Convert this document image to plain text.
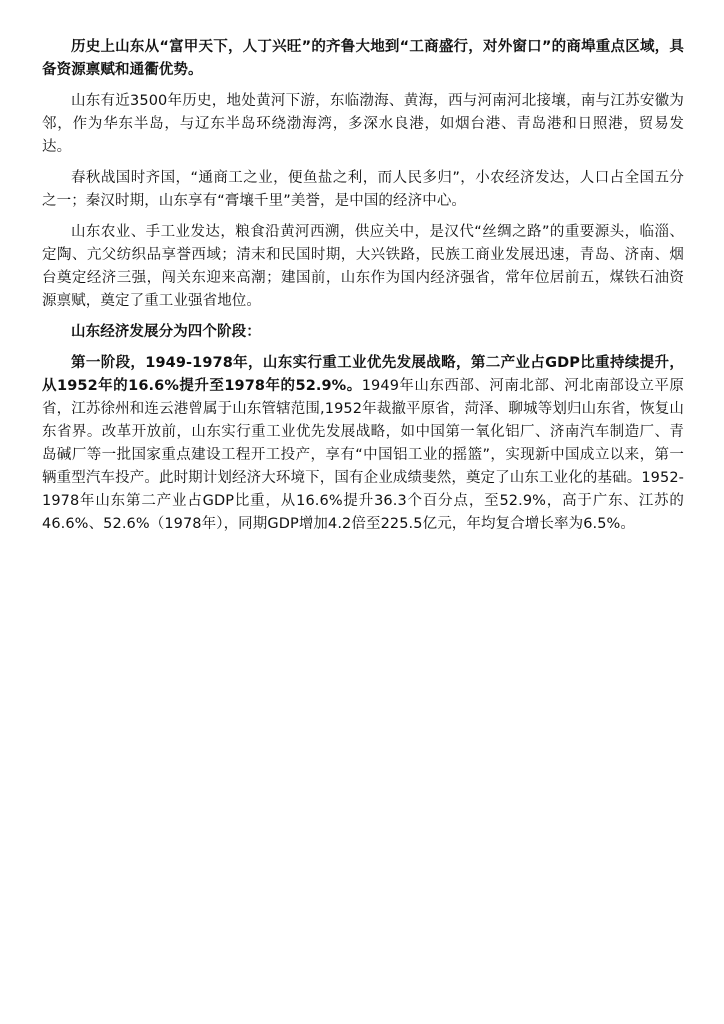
历史上山东从“富甲天下，人丁兴旺”的齐鲁大地到“工商盛行，对外窗口”的商埠重点区域，具备资源禀赋和通衢优势。

山东有近3500年历史，地处黄河下游，东临渤海、黄海，西与河南河北接壤，南与江苏安徽为邻，作为华东半岛，与辽东半岛环绕渤海湾，多深水良港，如烟台港、青岛港和日照港，贸易发达。

春秋战国时齐国，“通商工之业，便鱼盐之利，而人民多归”，小农经济发达，人口占全国五分之一；秦汉时期，山东享有“膏壤千里”美誉，是中国的经济中心。

山东农业、手工业发达，粮食沿黄河西溯，供应关中，是汉代“丝绸之路”的重要源头，临淄、定陶、亢父纺织品享誉西域；清末和民国时期，大兴铁路，民族工商业发展迅速，青岛、济南、烟台奠定经济三强，闯关东迎来高潮；建国前，山东作为国内经济强省，常年位居前五，煤铁石油资源禀赋，奠定了重工业强省地位。

山东经济发展分为四个阶段：

第一阶段，1949-1978年，山东实行重工业优先发展战略，第二产业占GDP比重持续提升，从1952年的16.6%提升至1978年的52.9%。1949年山东西部、河南北部、河北南部设立平原省，江苏徐州和连云港曾属于山东管辖范围,1952年裁撤平原省，菏泽、聊城等划归山东省，恢复山东省界。改革开放前，山东实行重工业优先发展战略，如中国第一氧化铝厂、济南汽车制造厂、青岛碱厂等一批国家重点建设工程开工投产，享有“中国铝工业的摇篮”，实现新中国成立以来，第一辆重型汽车投产。此时期计划经济大环境下，国有企业成绩斐然，奠定了山东工业化的基础。1952-1978年山东第二产业占GDP比重，从16.6%提升36.3个百分点，至52.9%，高于广东、江苏的46.6%、52.6%（1978年），同期GDP增加4.2倍至225.5亿元，年均复合增长率为6.5%。
